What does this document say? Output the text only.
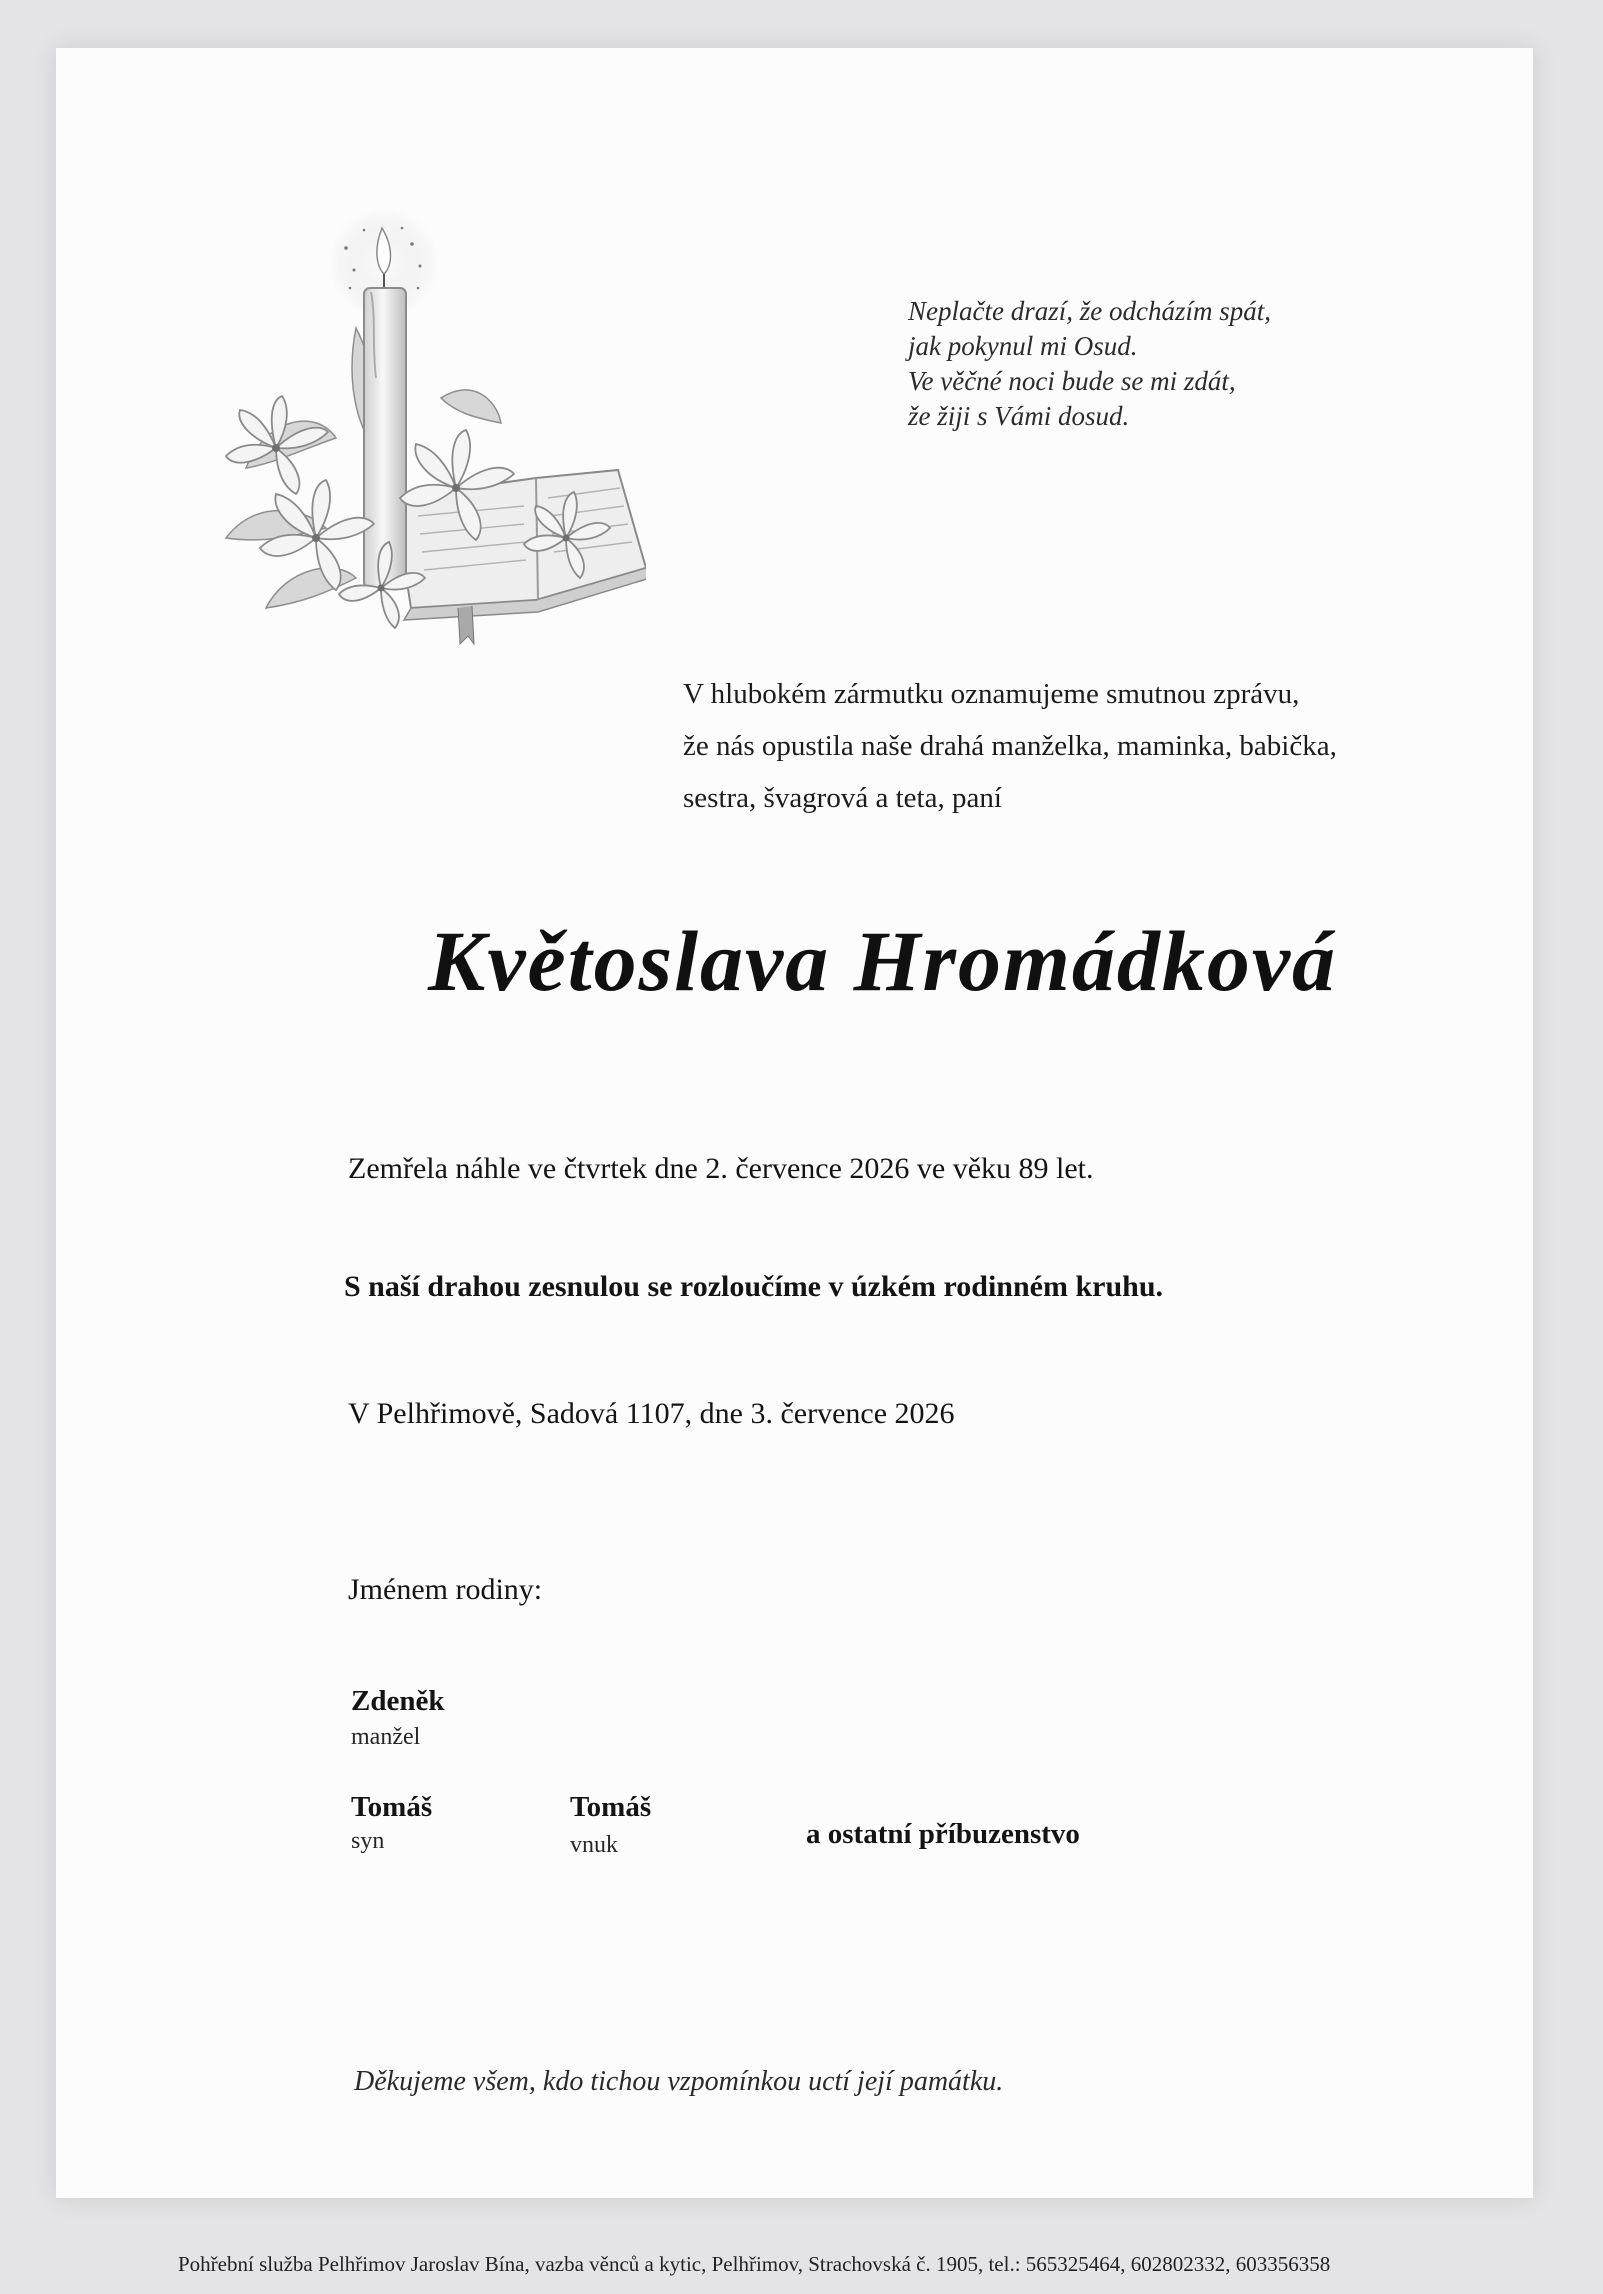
Neplačte drazí, že odcházím spát,
jak pokynul mi Osud.
Ve věčné noci bude se mi zdát,
že žiji s Vámi dosud.
V hlubokém zármutku oznamujeme smutnou zprávu,
že nás opustila naše drahá manželka, maminka, babička,
sestra, švagrová a teta, paní
Květoslava Hromádková
Zemřela náhle ve čtvrtek dne 2. července 2026 ve věku 89 let.
S naší drahou zesnulou se rozloučíme v úzkém rodinném kruhu.
V Pelhřimově, Sadová 1107, dne 3. července 2026
Jménem rodiny:
Zdeněk
manžel
Tomáš
syn
Tomáš
vnuk	a ostatní příbuzenstvo
Děkujeme všem, kdo tichou vzpomínkou uctí její památku.
Pohřební služba Pelhřimov Jaroslav Bína, vazba věnců a kytic, Pelhřimov, Strachovská č. 1905, tel.: 565325464, 602802332, 603356358
